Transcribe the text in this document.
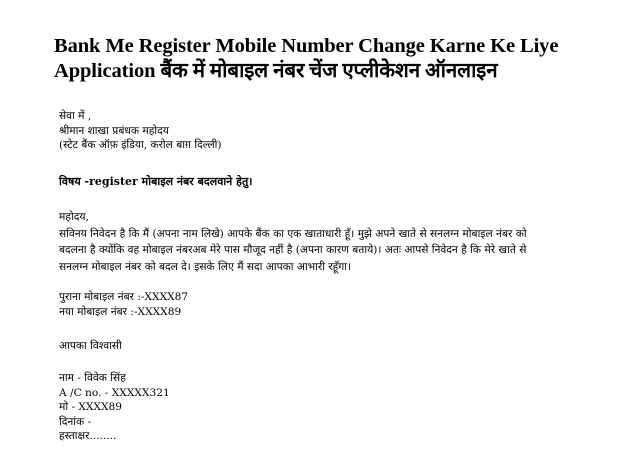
Bank Me Register Mobile Number Change Karne Ke Liye
Application बैंक में मोबाइल नंबर चेंज एप्लीकेशन ऑनलाइन
सेवा में ,
श्रीमान शाखा प्रबंधक महोदय
(स्टेट बैंक ऑफ़ इंडिया, करोल बाग़ दिल्ली)
विषय -register मोबाइल नंबर बदलवाने हेतु।
महोदय,
सविनय निवेदन है कि मैं (अपना नाम लिखे) आपके बैंक का एक खाताधारी हूँ। मुझे अपने खाते से सनलग्न मोबाइल नंबर को
बदलना है क्योंकि वह मोबाइल नंबरअब मेरे पास मौजूद नहीं है (अपना कारण बताये)। अतः आपसे निवेदन है कि मेरे खाते से
सनलग्न मोबाइल नंबर को बदल दे। इसके लिए मैं सदा आपका आभारी रहूँगा।
पुराना मोबाइल नंबर :-XXXX87
नया मोबाइल नंबर :-XXXX89
आपका विश्वासी
नाम - विवेक सिंह
A /C no. - XXXXX321
मो - XXXX89
दिनांक -
हस्ताक्षर........
